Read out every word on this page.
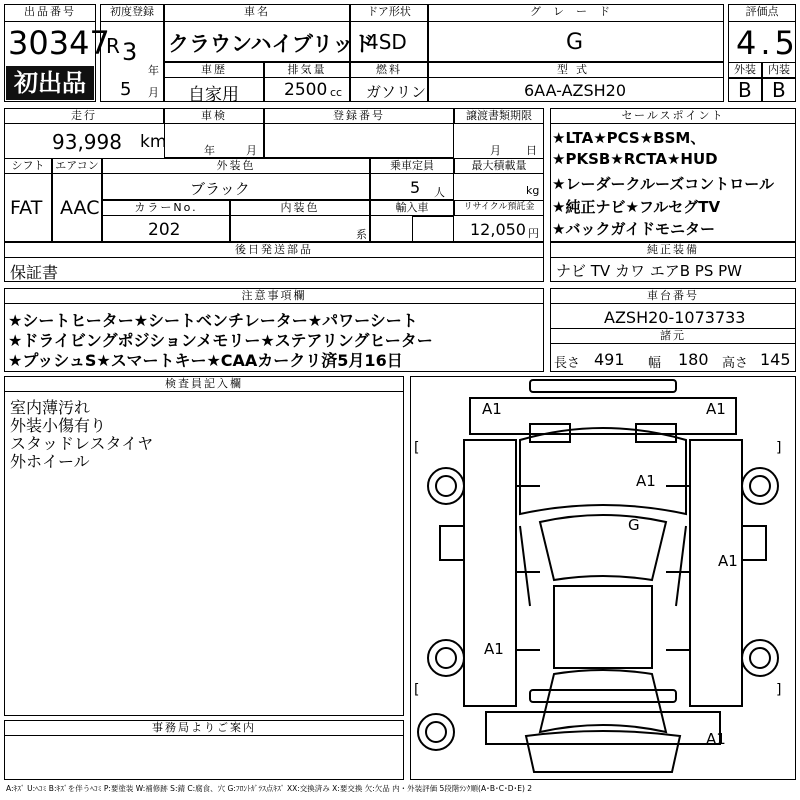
出品番号
30347
初出品
初度登録
R 3
年
5 月
車名
クラウンハイブリッド
ドア形状
4SD
グレード
G
車歴
自家用
排気量
2500 cc
燃料
ガソリン
型式
6AA-AZSH20
評価点
4.5
外装	内装
B B
走行
93,998 km
車検
年	月
登録番号	譲渡書類期限
月 日
シフト
FAT
エアコン
AAC
外装色
ブラック
乗車定員
5 人
最大積載量
kg
カラーNo.
202
内装色
系
輸入車	リサイクル預託金
12,050 円
後日発送部品
保証書
セールスポイント
★LTA★PCS★BSM、
★PKSB★RCTA★HUD
★レーダークルーズコントロール
★純正ナビ★フルセグTV
★バックガイドモニター
純正装備
ナビ TV カワ エアB PS PW
注意事項欄
★シートヒーター★シートベンチレーター★パワーシート
★ドライビングポジションメモリー★ステアリングヒーター
★プッシュS★スマートキー★CAAカークリ済5月16日
車台番号
AZSH20-1073733
諸元
長さ 491 幅 180 高さ 145
検査員記入欄
室内薄汚れ
外装小傷有り
スタッドレスタイヤ
外ホイール
事務局よりご案内
A1	A1
A1
G
A1
A1
A1
[	]
[	]
A:ｷｽﾞ U:ﾍｺﾐ B:ｷｽﾞを伴うﾍｺﾐ P:要塗装 W:補修跡 S:錆 C:腐食、穴 G:ﾌﾛﾝﾄｶﾞﾗｽ点ｷｽﾞ XX:交換済み X:要交換 欠:欠品 内・外装評価 5段階ﾗﾝｸ順(A･B･C･D･E) 2
